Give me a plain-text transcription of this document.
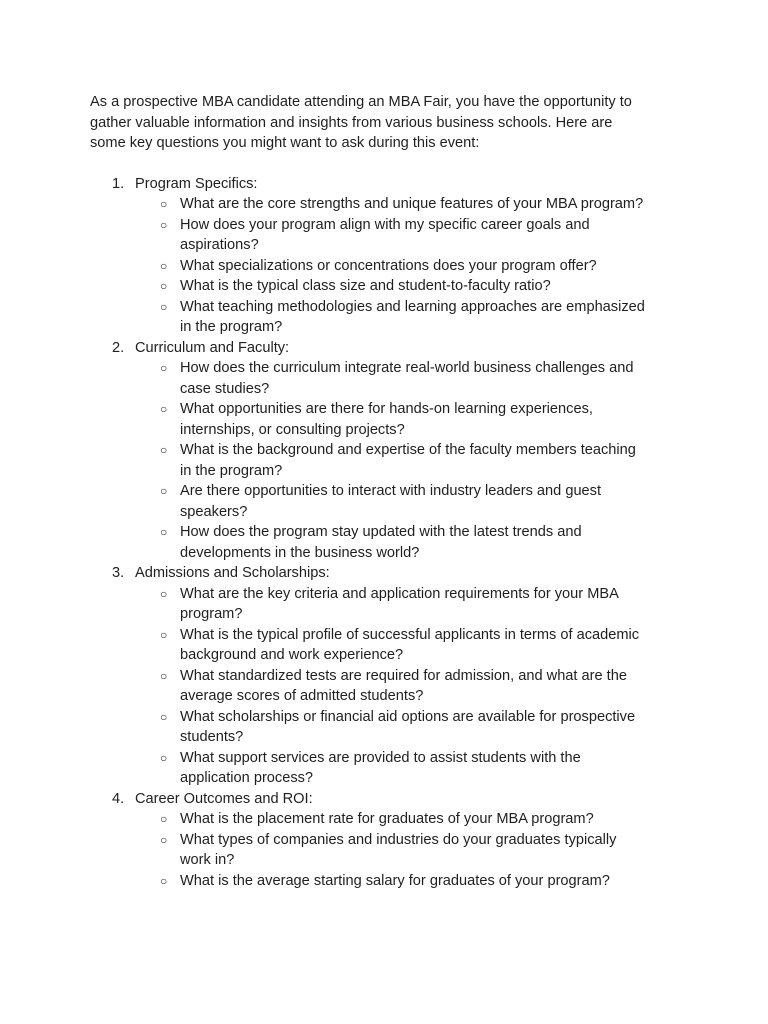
As a prospective MBA candidate attending an MBA Fair, you have the opportunity to gather valuable information and insights from various business schools. Here are some key questions you might want to ask during this event:

1. Program Specifics:
○ What are the core strengths and unique features of your MBA program?
○ How does your program align with my specific career goals and aspirations?
○ What specializations or concentrations does your program offer?
○ What is the typical class size and student-to-faculty ratio?
○ What teaching methodologies and learning approaches are emphasized in the program?
2. Curriculum and Faculty:
○ How does the curriculum integrate real-world business challenges and case studies?
○ What opportunities are there for hands-on learning experiences, internships, or consulting projects?
○ What is the background and expertise of the faculty members teaching in the program?
○ Are there opportunities to interact with industry leaders and guest speakers?
○ How does the program stay updated with the latest trends and developments in the business world?
3. Admissions and Scholarships:
○ What are the key criteria and application requirements for your MBA program?
○ What is the typical profile of successful applicants in terms of academic background and work experience?
○ What standardized tests are required for admission, and what are the average scores of admitted students?
○ What scholarships or financial aid options are available for prospective students?
○ What support services are provided to assist students with the application process?
4. Career Outcomes and ROI:
○ What is the placement rate for graduates of your MBA program?
○ What types of companies and industries do your graduates typically work in?
○ What is the average starting salary for graduates of your program?
